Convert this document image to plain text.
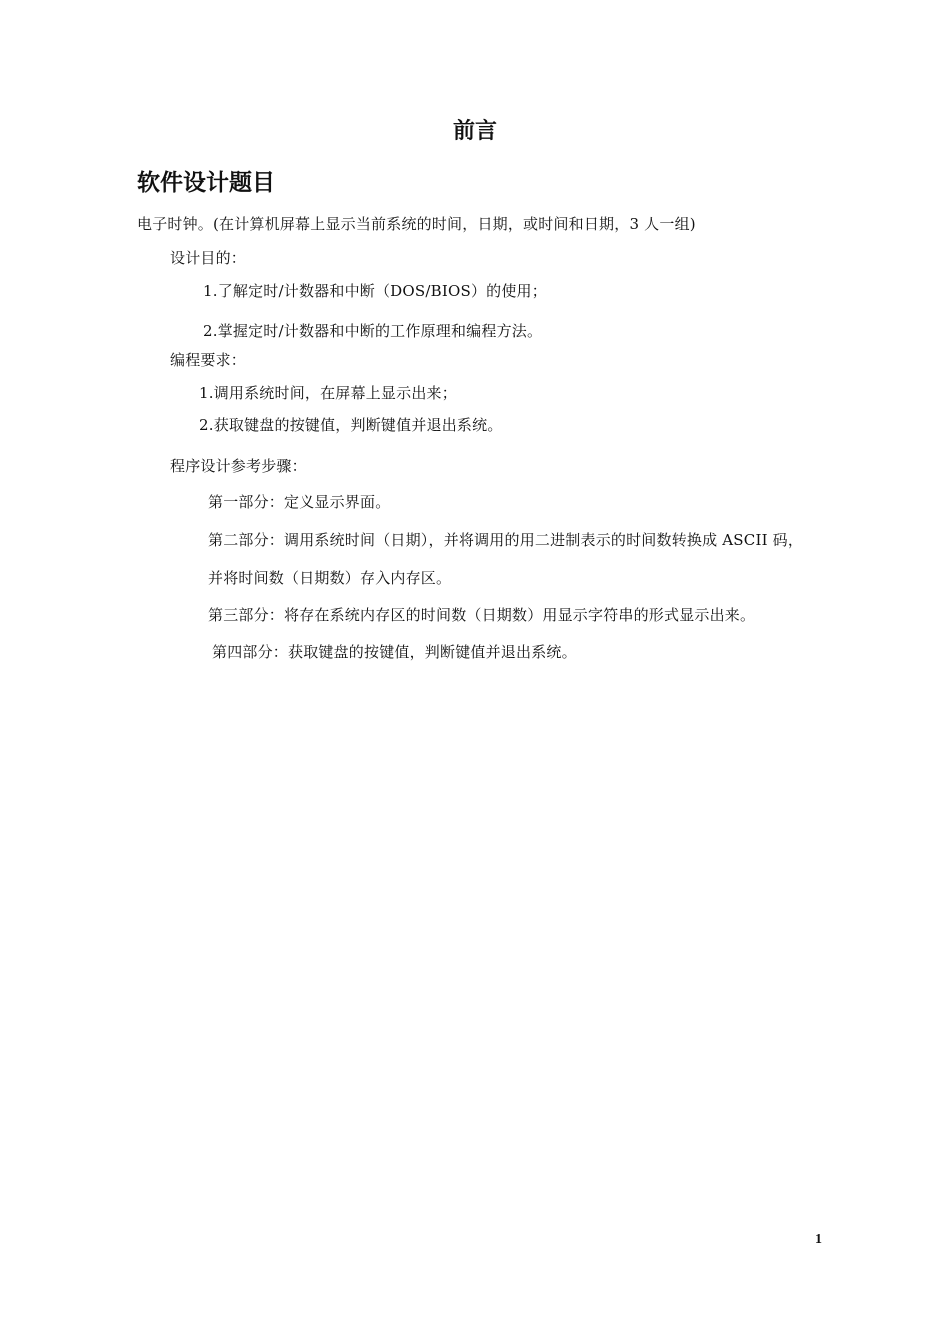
前言
软件设计题目
电子时钟。(在计算机屏幕上显示当前系统的时间，日期，或时间和日期，3 人一组)
设计目的：
1.了解定时/计数器和中断（DOS/BIOS）的使用；
2.掌握定时/计数器和中断的工作原理和编程方法。
编程要求：
1.调用系统时间，在屏幕上显示出来；
2.获取键盘的按键值，判断键值并退出系统。
程序设计参考步骤：
第一部分：定义显示界面。
第二部分：调用系统时间（日期），并将调用的用二进制表示的时间数转换成 ASCII 码，
并将时间数（日期数）存入内存区。
第三部分：将存在系统内存区的时间数（日期数）用显示字符串的形式显示出来。
第四部分：获取键盘的按键值，判断键值并退出系统。
1
